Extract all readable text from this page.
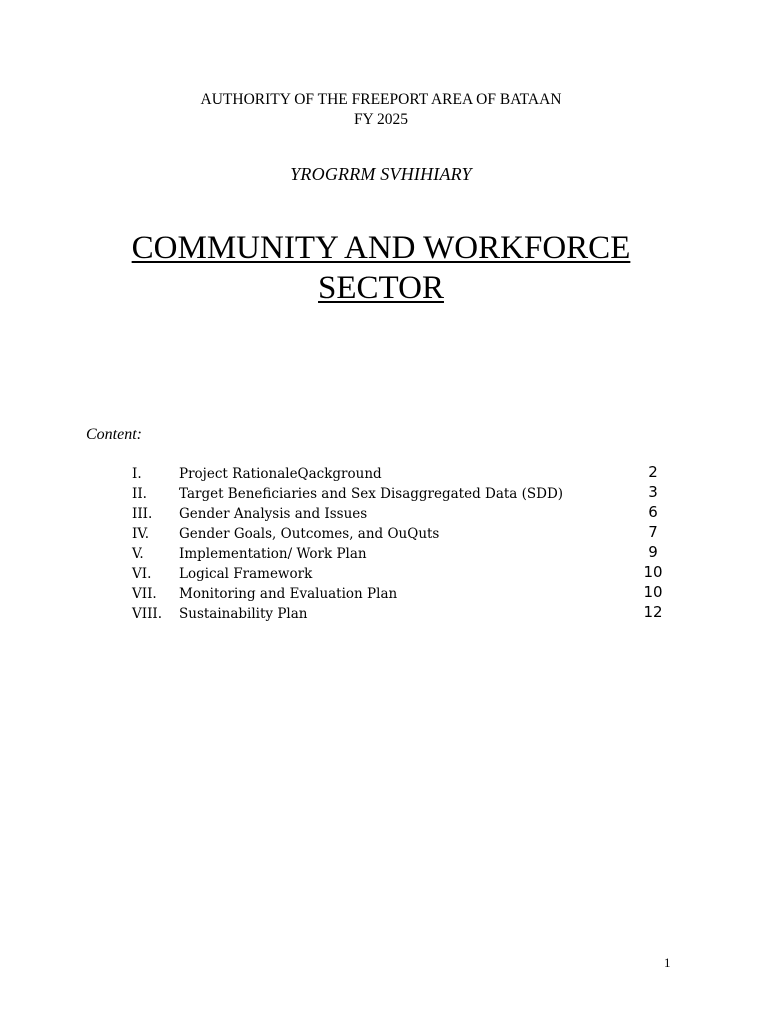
AUTHORITY OF THE FREEPORT AREA OF BATAAN
FY 2025
YROGRRM SVHIHIARY
COMMUNITY AND WORKFORCE
SECTOR
Content:
I.	Project RationaleQackground	2
II. Target Beneficiaries and Sex Disaggregated Data (SDD)	3
III. Gender Analysis and Issues	6
IV. Gender Goals, Outcomes, and OuQuts	7
V.	Implementation/ Work Plan	9
VI. Logical Framework	10
VII. Monitoring and Evaluation Plan	10
VIII. Sustainability Plan	12
1
